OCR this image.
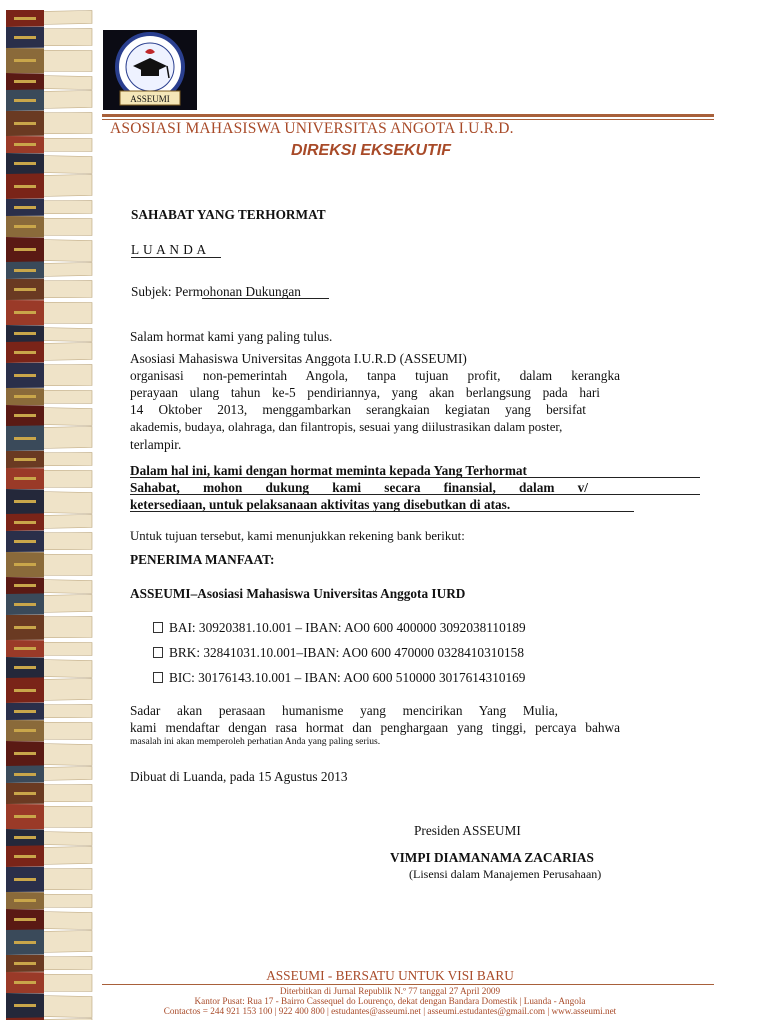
ASSEUMI
ASOSIASI MAHASISWA UNIVERSITAS ANGOTA I.U.R.D.
DIREKSI EKSEKUTIF
SAHABAT YANG TERHORMAT
L U A N D A
Subjek: Permohonan Dukungan
Salam hormat kami yang paling tulus.
Asosiasi Mahasiswa Universitas Anggota I.U.R.D (ASSEUMI)
organisasi non-pemerintah Angola, tanpa tujuan profit, dalam kerangka
perayaan ulang tahun ke-5 pendiriannya, yang akan berlangsung pada hari
14 Oktober 2013, menggambarkan serangkaian kegiatan yang bersifat
akademis, budaya, olahraga, dan filantropis, sesuai yang diilustrasikan dalam poster,
terlampir.
Dalam hal ini, kami dengan hormat meminta kepada Yang Terhormat
Sahabat, mohon dukung kami secara finansial, dalam v/
ketersediaan, untuk pelaksanaan aktivitas yang disebutkan di atas.
Untuk tujuan tersebut, kami menunjukkan rekening bank berikut:
PENERIMA MANFAAT:
ASSEUMI–Asosiasi Mahasiswa Universitas Anggota IURD
BAI: 30920381.10.001 – IBAN: AO0 600 400000 3092038110189
BRK: 32841031.10.001–IBAN: AO0 600 470000 0328410310158
BIC: 30176143.10.001 – IBAN: AO0 600 510000 3017614310169
Sadar akan perasaan humanisme yang mencirikan Yang Mulia,
kami mendaftar dengan rasa hormat dan penghargaan yang tinggi, percaya bahwa
masalah ini akan memperoleh perhatian Anda yang paling serius.
Dibuat di Luanda, pada 15 Agustus 2013
Presiden ASSEUMI
VIMPI DIAMANAMA ZACARIAS
(Lisensi dalam Manajemen Perusahaan)
ASSEUMI - BERSATU UNTUK VISI BARU
Diterbitkan di Jurnal Republik N.º 77 tanggal 27 April 2009
Kantor Pusat: Rua 17 - Bairro Cassequel do Lourenço, dekat dengan Bandara Domestik | Luanda - Angola
Contactos = 244 921 153 100 | 922 400 800 | estudantes@asseumi.net | asseumi.estudantes@gmail.com | www.asseumi.net
